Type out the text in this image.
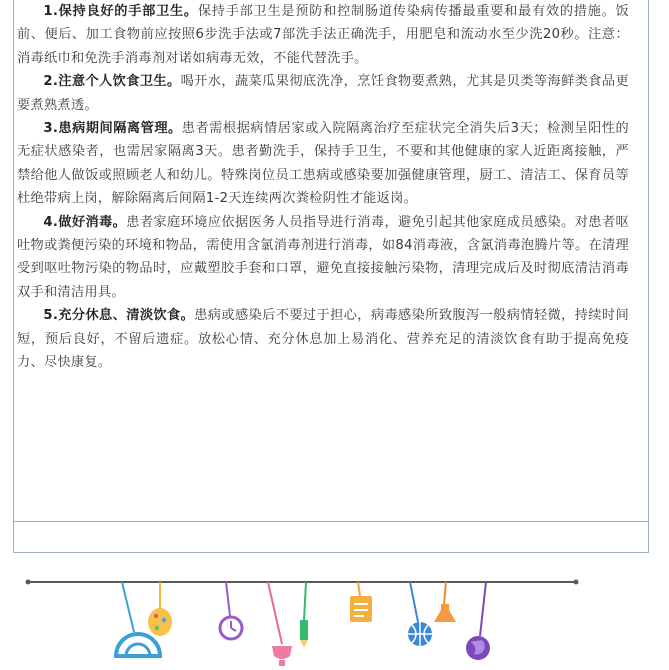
1.保持良好的手部卫生。保持手部卫生是预防和控制肠道传染病传播最重要和最有效的措施。饭前、便后、加工食物前应按照6步洗手法或7部洗手法正确洗手，用肥皂和流动水至少洗20秒。注意：消毒纸巾和免洗手消毒剂对诺如病毒无效，不能代替洗手。

2.注意个人饮食卫生。喝开水，蔬菜瓜果彻底洗净，烹饪食物要煮熟，尤其是贝类等海鲜类食品更要煮熟煮透。

3.患病期间隔离管理。患者需根据病情居家或入院隔离治疗至症状完全消失后3天；检测呈阳性的无症状感染者，也需居家隔离3天。患者勤洗手，保持手卫生，不要和其他健康的家人近距离接触，严禁给他人做饭或照顾老人和幼儿。特殊岗位员工患病或感染要加强健康管理，厨工、清洁工、保育员等杜绝带病上岗，解除隔离后间隔1-2天连续两次粪检阴性才能返岗。

4.做好消毒。患者家庭环境应依据医务人员指导进行消毒，避免引起其他家庭成员感染。对患者呕吐物或粪便污染的环境和物品，需使用含氯消毒剂进行消毒，如84消毒液，含氯消毒泡腾片等。在清理受到呕吐物污染的物品时，应戴塑胶手套和口罩，避免直接接触污染物，清理完成后及时彻底清洁消毒双手和清洁用具。

5.充分休息、清淡饮食。患病或感染后不要过于担心，病毒感染所致腹泻一般病情轻微，持续时间短，预后良好，不留后遗症。放松心情、充分休息加上易消化、营养充足的清淡饮食有助于提高免疫力、尽快康复。
